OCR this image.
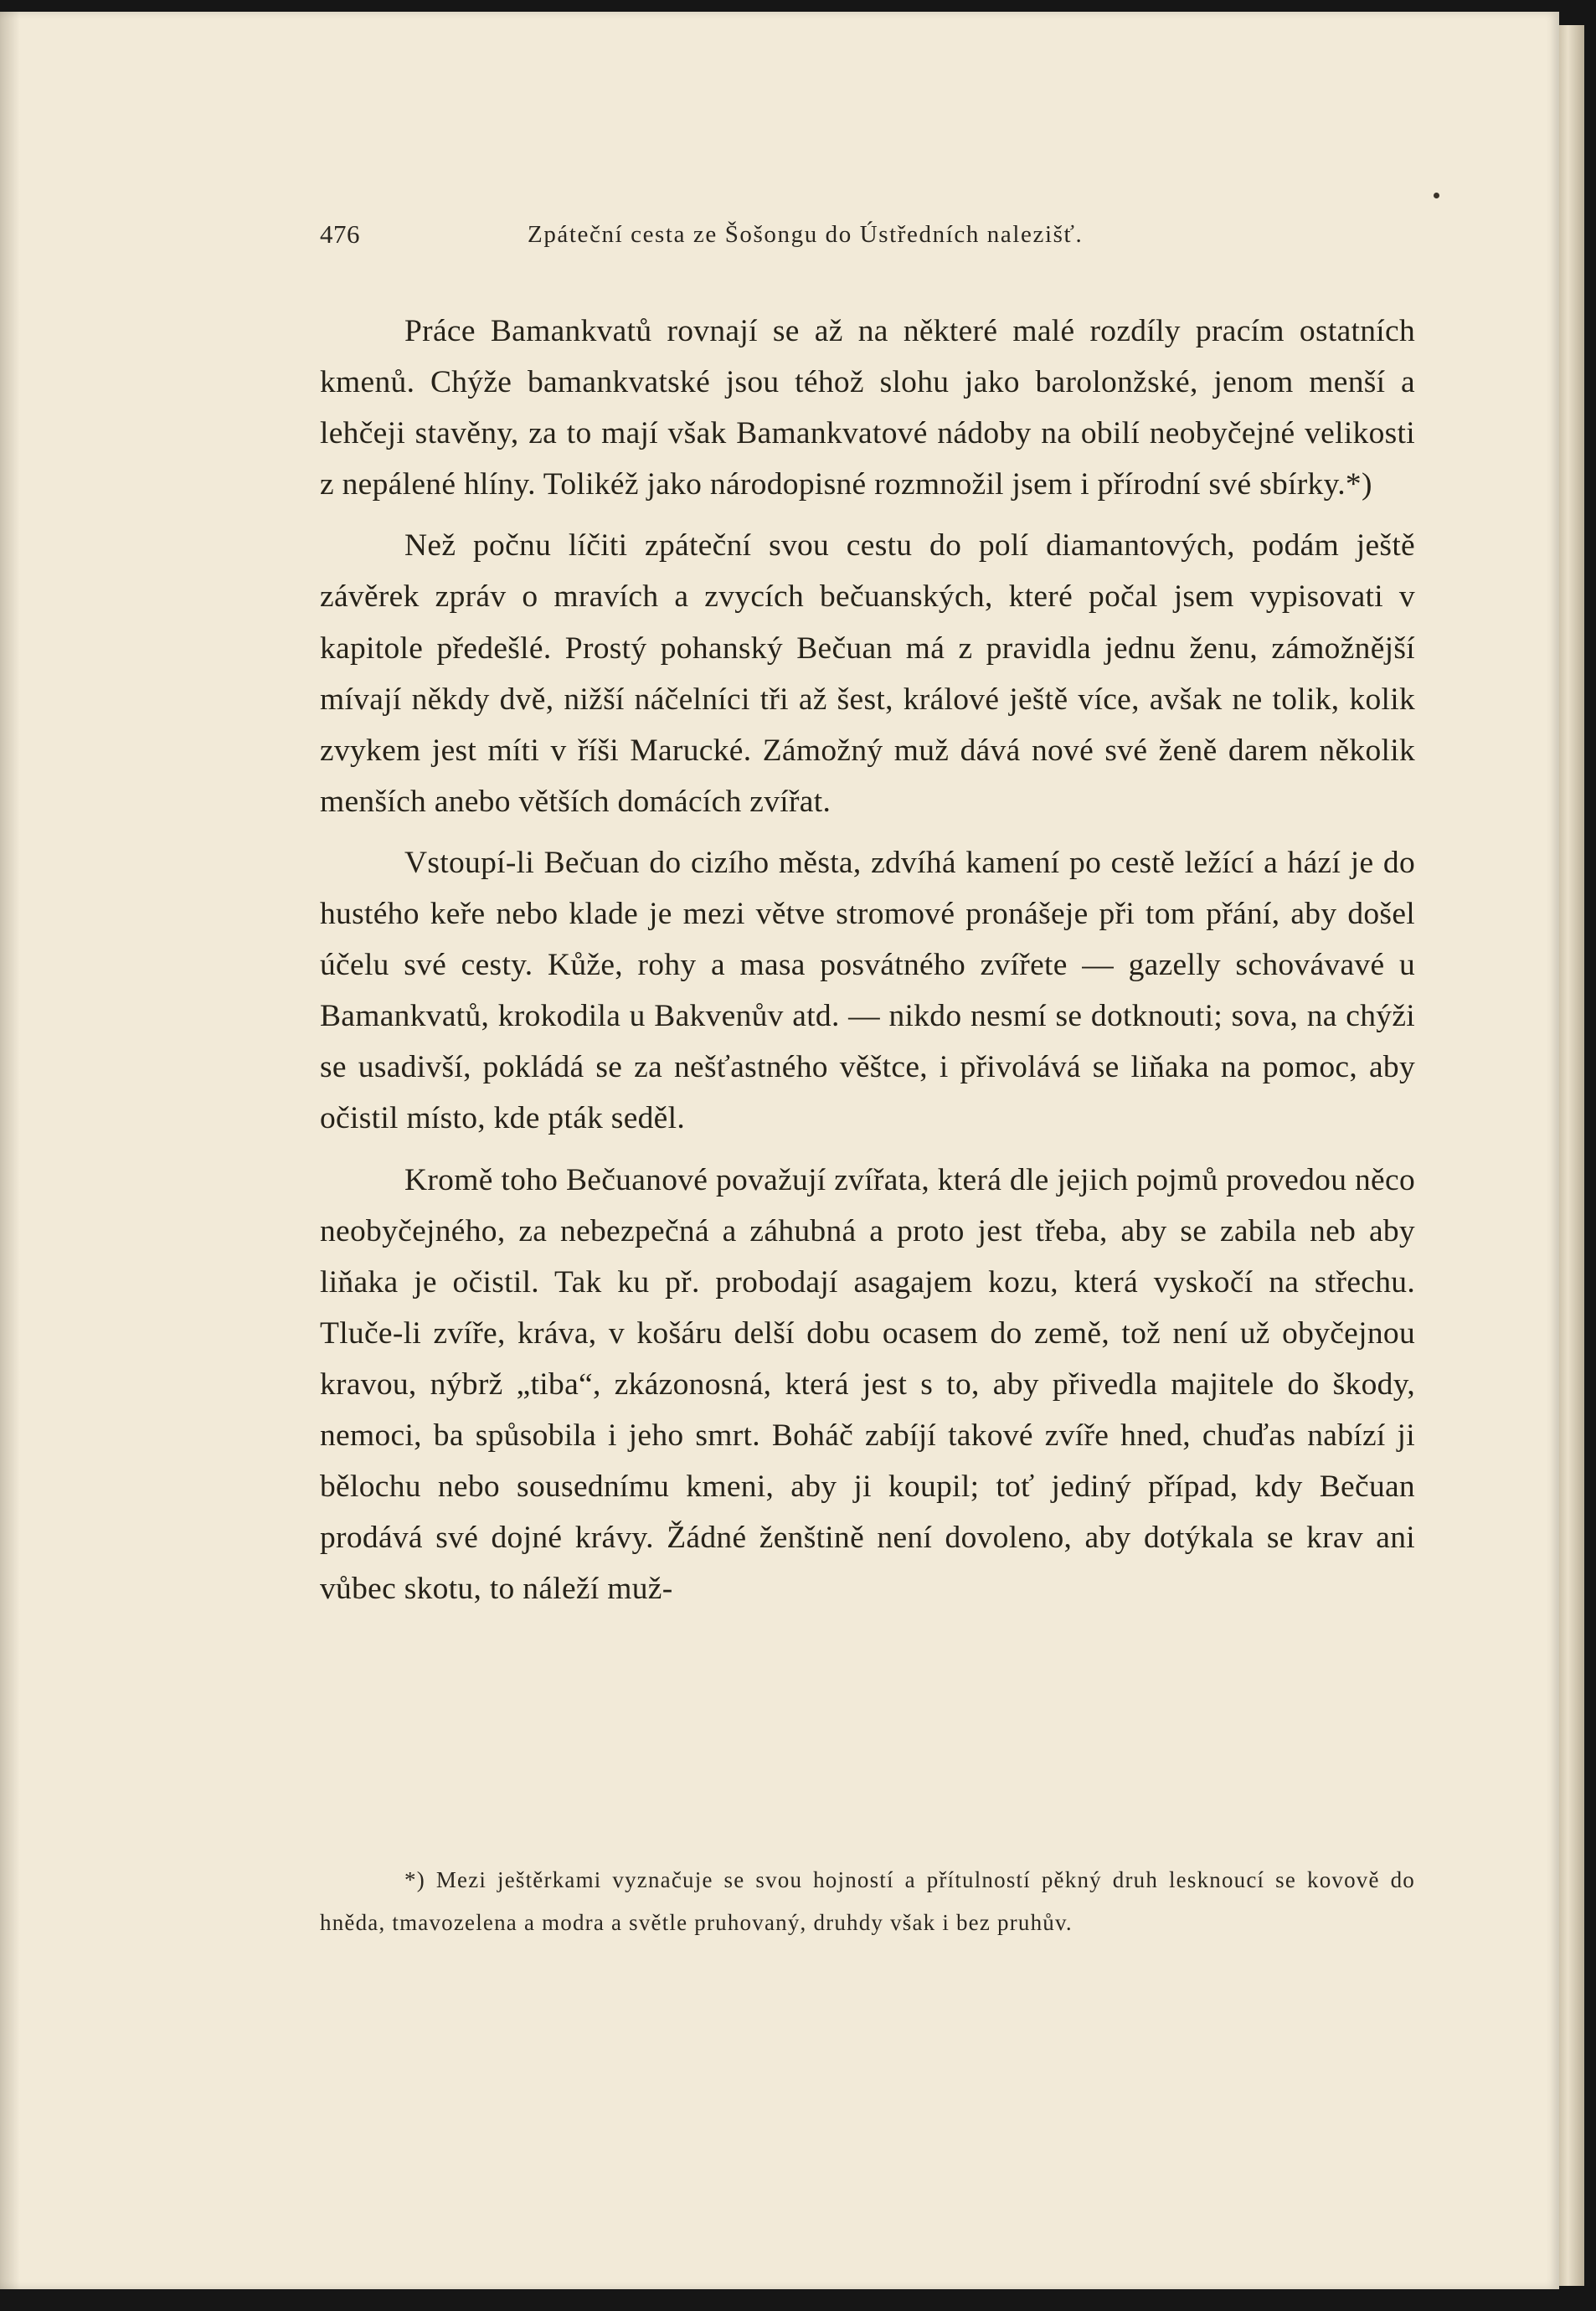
476	Zpáteční cesta ze Šošongu do Ústředních nalezišť.

Práce Bamankvatů rovnají se až na některé malé rozdíly pracím ostatních kmenů. Chýže bamankvatské jsou téhož slohu jako barolonžské, jenom menší a lehčeji stavěny, za to mají však Bamankvatové nádoby na obilí neobyčejné velikosti z nepálené hlíny. Tolikéž jako národopisné rozmnožil jsem i přírodní své sbírky.*)

Než počnu líčiti zpáteční svou cestu do polí diamantových, podám ještě závěrek zpráv o mravích a zvycích bečuanských, které počal jsem vypisovati v kapitole předešlé. Prostý pohanský Bečuan má z pravidla jednu ženu, zámožnější mívají někdy dvě, nižší náčelníci tři až šest, králové ještě více, avšak ne tolik, kolik zvykem jest míti v říši Marucké. Zámožný muž dává nové své ženě darem několik menších anebo větších domácích zvířat.

Vstoupí-li Bečuan do cizího města, zdvíhá kamení po cestě ležící a hází je do hustého keře nebo klade je mezi větve stromové pronášeje při tom přání, aby došel účelu své cesty. Kůže, rohy a masa posvátného zvířete — gazelly schovávavé u Bamankvatů, krokodila u Bakvenův atd. — nikdo nesmí se dotknouti; sova, na chýži se usadivší, pokládá se za nešťastného věštce, i přivolává se liňaka na pomoc, aby očistil místo, kde pták seděl.

Kromě toho Bečuanové považují zvířata, která dle jejich pojmů provedou něco neobyčejného, za nebezpečná a záhubná a proto jest třeba, aby se zabila neb aby liňaka je očistil. Tak ku př. probodají asagajem kozu, která vyskočí na střechu. Tluče-li zvíře, kráva, v košáru delší dobu ocasem do země, tož není už obyčejnou kravou, nýbrž „tiba“, zkázonosná, která jest s to, aby přivedla majitele do škody, nemoci, ba spůsobila i jeho smrt. Boháč zabíjí takové zvíře hned, chuďas nabízí ji bělochu nebo sousednímu kmeni, aby ji koupil; toť jediný případ, kdy Bečuan prodává své dojné krávy. Žádné ženštině není dovoleno, aby dotýkala se krav ani vůbec skotu, to náleží muž-

*) Mezi ještěrkami vyznačuje se svou hojností a přítulností pěkný druh lesknoucí se kovově do hněda, tmavozelena a modra a světle pruhovaný, druhdy však i bez pruhův.
